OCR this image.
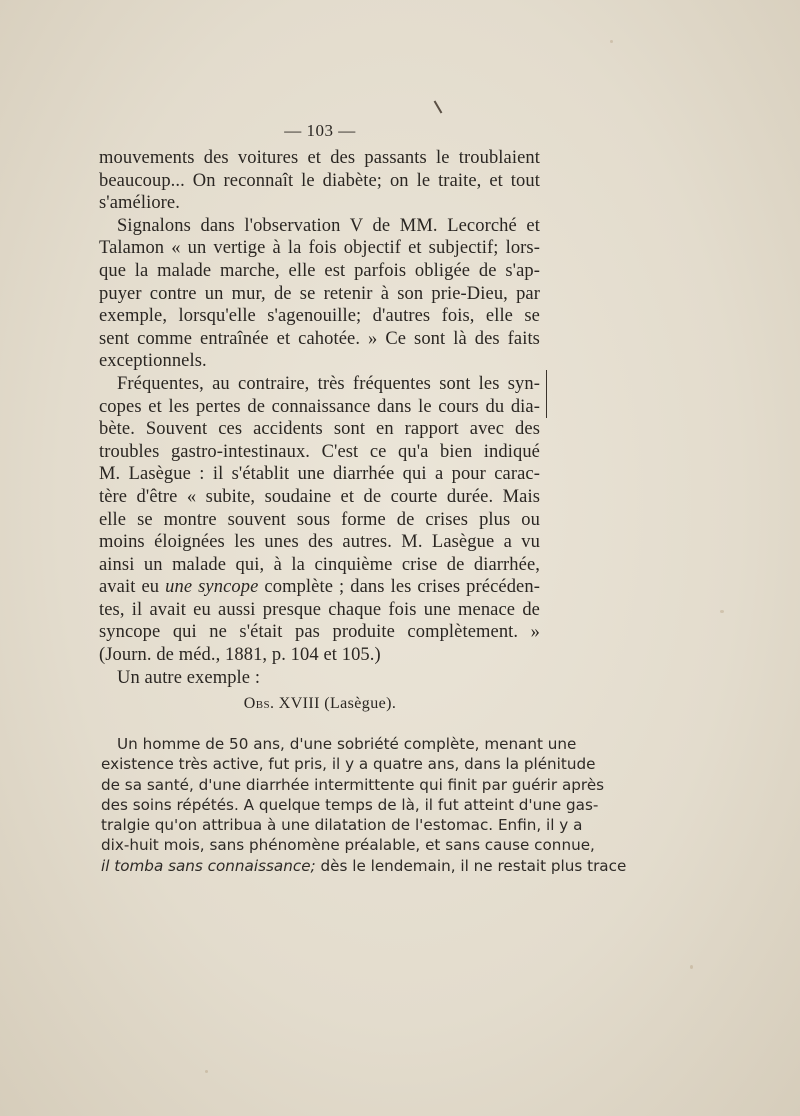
— 103 —
mouvements des voitures et des passants le troublaient
beaucoup... On reconnaît le diabète; on le traite, et tout
s'améliore.
Signalons dans l'observation V de MM. Lecorché et
Talamon « un vertige à la fois objectif et subjectif; lors-
que la malade marche, elle est parfois obligée de s'ap-
puyer contre un mur, de se retenir à son prie-Dieu, par
exemple, lorsqu'elle s'agenouille; d'autres fois, elle se
sent comme entraînée et cahotée. » Ce sont là des faits
exceptionnels.
Fréquentes, au contraire, très fréquentes sont les syn-
copes et les pertes de connaissance dans le cours du dia-
bète. Souvent ces accidents sont en rapport avec des
troubles gastro-intestinaux. C'est ce qu'a bien indiqué
M. Lasègue : il s'établit une diarrhée qui a pour carac-
tère d'être « subite, soudaine et de courte durée. Mais
elle se montre souvent sous forme de crises plus ou
moins éloignées les unes des autres. M. Lasègue a vu
ainsi un malade qui, à la cinquième crise de diarrhée,
avait eu une syncope complète ; dans les crises précéden-
tes, il avait eu aussi presque chaque fois une menace de
syncope qui ne s'était pas produite complètement. »
(Journ. de méd., 1881, p. 104 et 105.)
Un autre exemple :
Obs. XVIII (Lasègue).
Un homme de 50 ans, d'une sobriété complète, menant une
existence très active, fut pris, il y a quatre ans, dans la plénitude
de sa santé, d'une diarrhée intermittente qui finit par guérir après
des soins répétés. A quelque temps de là, il fut atteint d'une gas-
tralgie qu'on attribua à une dilatation de l'estomac. Enfin, il y a
dix-huit mois, sans phénomène préalable, et sans cause connue,
il tomba sans connaissance; dès le lendemain, il ne restait plus trace
